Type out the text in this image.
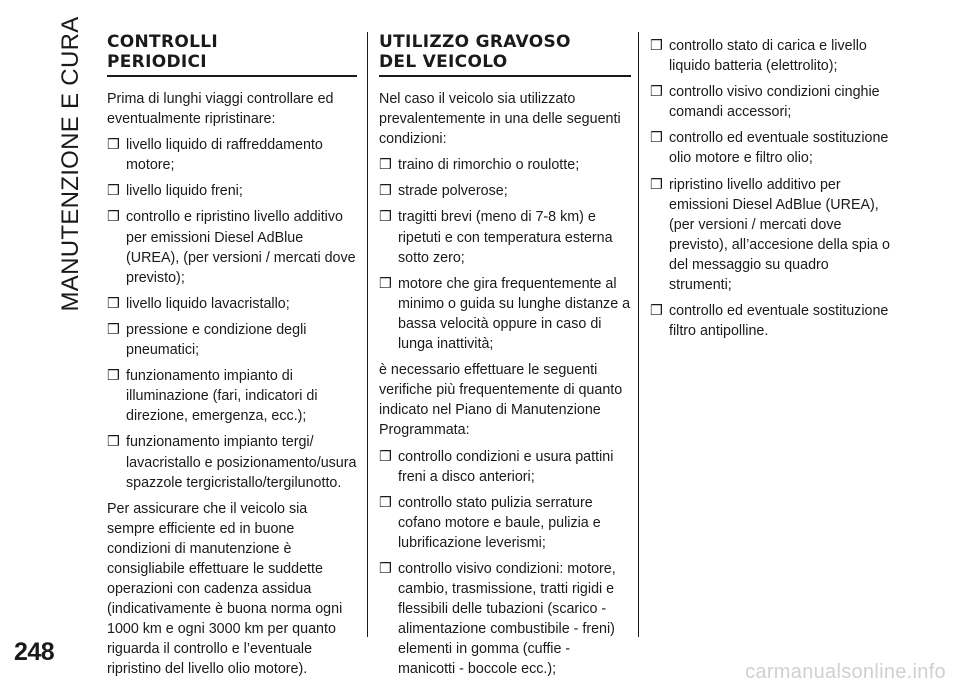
MANUTENZIONE E CURA
248
CONTROLLI
PERIODICI

Prima di lunghi viaggi controllare ed eventualmente ripristinare:

❒ livello liquido di raffreddamento motore;
❒ livello liquido freni;
❒ controllo e ripristino livello additivo per emissioni Diesel AdBlue (UREA), (per versioni / mercati dove previsto);
❒ livello liquido lavacristallo;
❒ pressione e condizione degli pneumatici;
❒ funzionamento impianto di illuminazione (fari, indicatori di direzione, emergenza, ecc.);
❒ funzionamento impianto tergi/ lavacristallo e posizionamento/usura spazzole tergicristallo/tergilunotto.

Per assicurare che il veicolo sia sempre efficiente ed in buone condizioni di manutenzione è consigliabile effettuare le suddette operazioni con cadenza assidua (indicativamente è buona norma ogni 1000 km e ogni 3000 km per quanto riguarda il controllo e l’eventuale ripristino del livello olio motore).

UTILIZZO GRAVOSO
DEL VEICOLO

Nel caso il veicolo sia utilizzato prevalentemente in una delle seguenti condizioni:

❒ traino di rimorchio o roulotte;
❒ strade polverose;
❒ tragitti brevi (meno di 7-8 km) e ripetuti e con temperatura esterna sotto zero;
❒ motore che gira frequentemente al minimo o guida su lunghe distanze a bassa velocità oppure in caso di lunga inattività;

è necessario effettuare le seguenti verifiche più frequentemente di quanto indicato nel Piano di Manutenzione Programmata:

❒ controllo condizioni e usura pattini freni a disco anteriori;
❒ controllo stato pulizia serrature cofano motore e baule, pulizia e lubrificazione leverismi;
❒ controllo visivo condizioni: motore, cambio, trasmissione, tratti rigidi e flessibili delle tubazioni (scarico - alimentazione combustibile - freni) elementi in gomma (cuffie - manicotti - boccole ecc.);
❒ controllo stato di carica e livello liquido batteria (elettrolito);
❒ controllo visivo condizioni cinghie comandi accessori;
❒ controllo ed eventuale sostituzione olio motore e filtro olio;
❒ ripristino livello additivo per emissioni Diesel AdBlue (UREA), (per versioni / mercati dove previsto), all’accesione della spia o del messaggio su quadro strumenti;
❒ controllo ed eventuale sostituzione filtro antipolline.
carmanualsonline.info
